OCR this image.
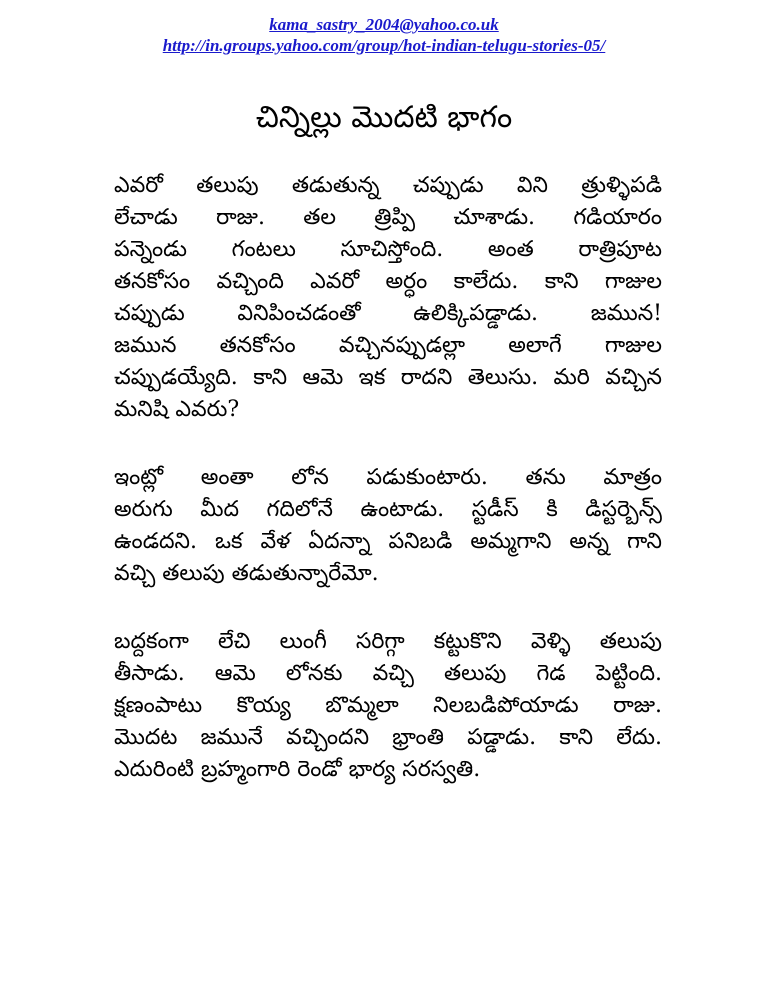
kama_sastry_2004@yahoo.co.uk
http://in.groups.yahoo.com/group/hot-indian-telugu-stories-05/
చిన్నిల్లు మొదటి భాగం
ఎవరో తలుపు తడుతున్న చప్పుడు విని త్రుళ్ళిపడి
లేచాడు రాజు. తల త్రిప్పి చూశాడు. గడియారం
పన్నెండు గంటలు సూచిస్తోంది. అంత రాత్రిపూట
తనకోసం వచ్చింది ఎవరో అర్ధం కాలేదు. కాని గాజుల
చప్పుడు వినిపించడంతో ఉలిక్కిపడ్డాడు. జమున!
జమున తనకోసం వచ్చినప్పుడల్లా అలాగే గాజుల
చప్పుడయ్యేది. కాని ఆమె ఇక రాదని తెలుసు. మరి వచ్చిన
మనిషి ఎవరు?
ఇంట్లో అంతా లోన పడుకుంటారు. తను మాత్రం
అరుగు మీద గదిలోనే ఉంటాడు. స్టడీస్ కి డిస్టర్బెన్స్
ఉండదని. ఒక వేళ ఏదన్నా పనిబడి అమ్మగాని అన్న గాని
వచ్చి తలుపు తడుతున్నారేమో.
బద్దకంగా లేచి లుంగీ సరిగ్గా కట్టుకొని వెళ్ళి తలుపు
తీసాడు. ఆమె లోనకు వచ్చి తలుపు గెడ పెట్టింది.
క్షణంపాటు కొయ్య బొమ్మలా నిలబడిపోయాడు రాజు.
మొదట జమునే వచ్చిందని భ్రాంతి పడ్డాడు. కాని లేదు.
ఎదురింటి బ్రహ్మంగారి రెండో భార్య సరస్వతి.
